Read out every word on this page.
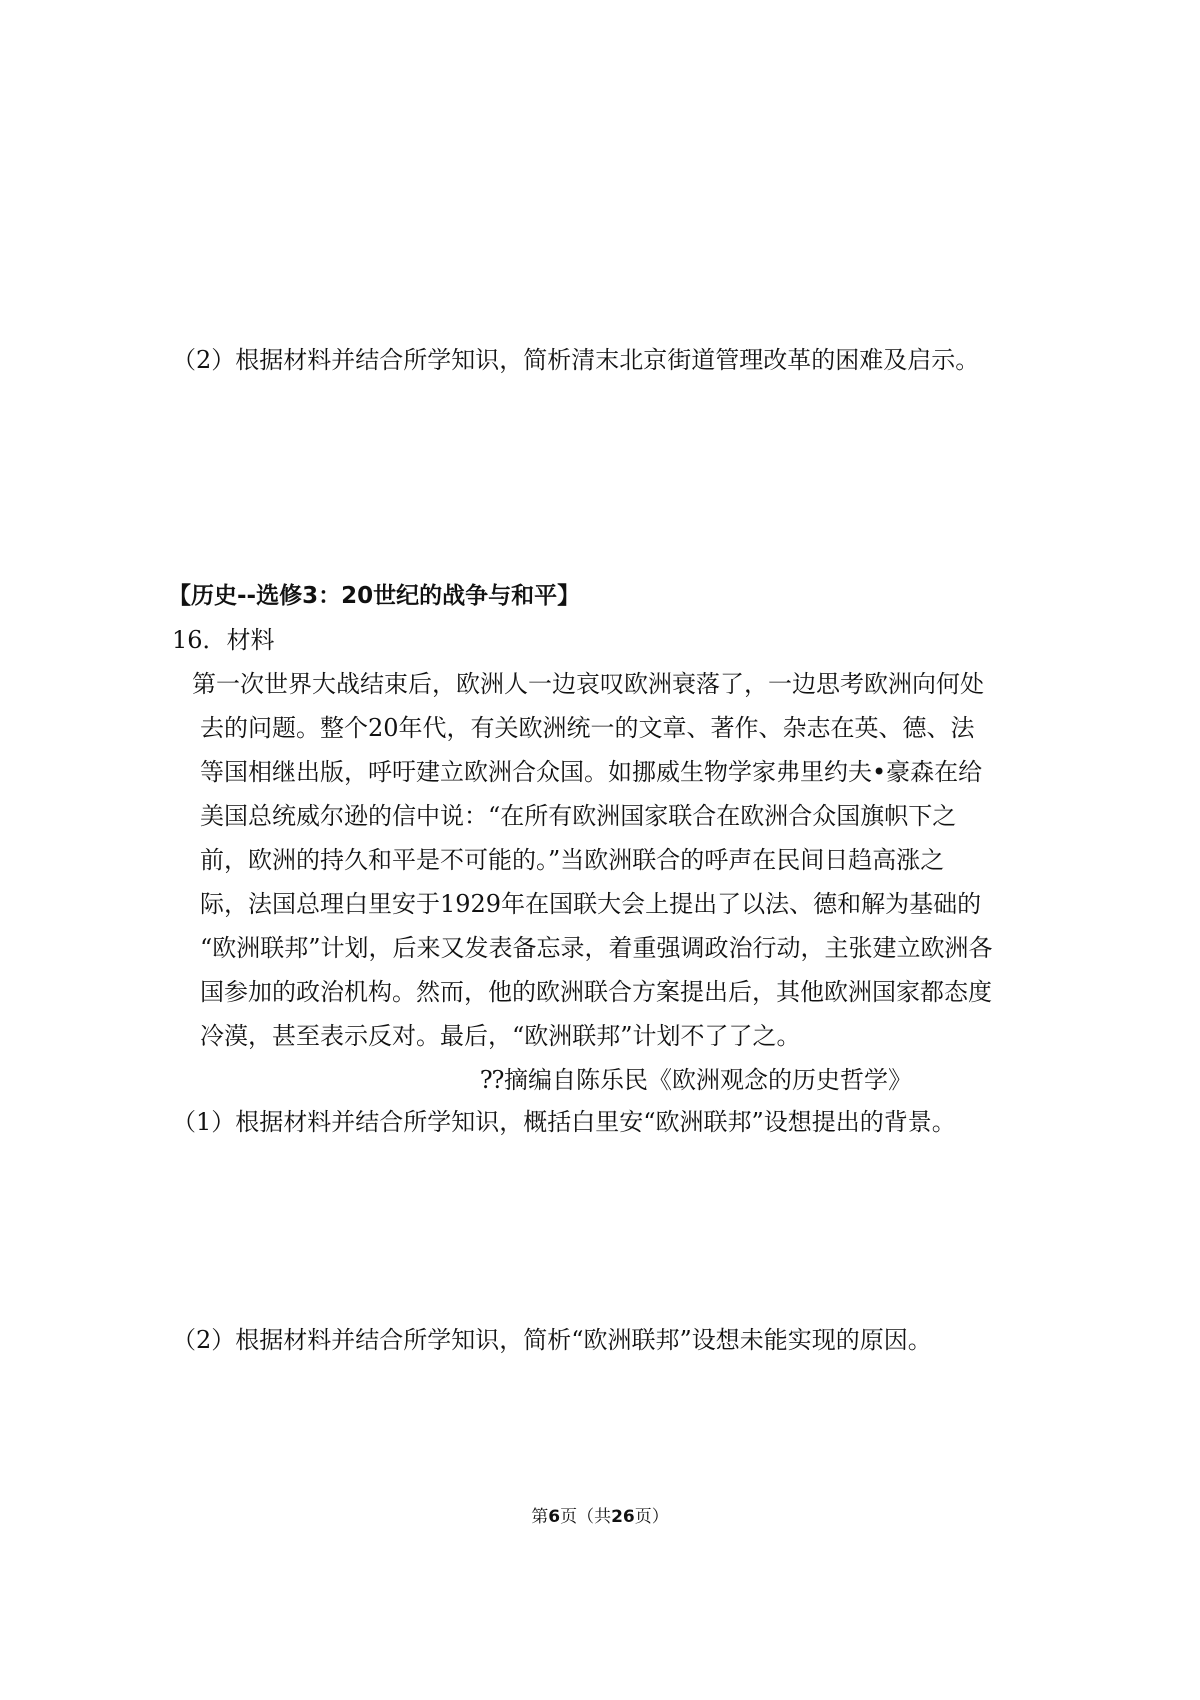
（2）根据材料并结合所学知识，简析清末北京街道管理改革的困难及启示。
【历史--选修3：20世纪的战争与和平】
16．材料
第一次世界大战结束后，欧洲人一边哀叹欧洲衰落了，一边思考欧洲向何处
去的问题。整个20年代，有关欧洲统一的文章、著作、杂志在英、德、法
等国相继出版，呼吁建立欧洲合众国。如挪威生物学家弗里约夫•豪森在给
美国总统威尔逊的信中说：“在所有欧洲国家联合在欧洲合众国旗帜下之
前，欧洲的持久和平是不可能的。”当欧洲联合的呼声在民间日趋高涨之
际，法国总理白里安于1929年在国联大会上提出了以法、德和解为基础的
“欧洲联邦”计划，后来又发表备忘录，着重强调政治行动，主张建立欧洲各
国参加的政治机构。然而，他的欧洲联合方案提出后，其他欧洲国家都态度
冷漠，甚至表示反对。最后，“欧洲联邦”计划不了了之。
⁇摘编自陈乐民《欧洲观念的历史哲学》
（1）根据材料并结合所学知识，概括白里安“欧洲联邦”设想提出的背景。
（2）根据材料并结合所学知识，简析“欧洲联邦”设想未能实现的原因。
第6页（共26页）
